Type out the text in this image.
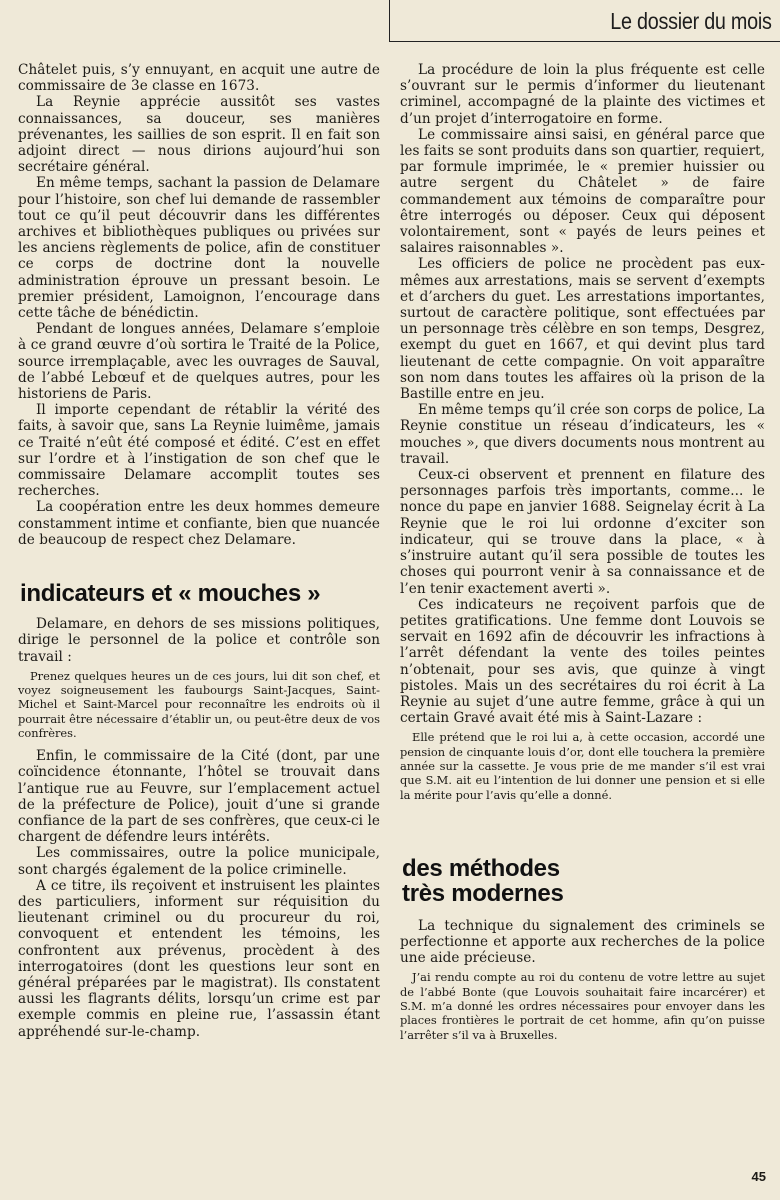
Le dossier du mois

Châtelet puis, s’y ennuyant, en acquit une autre de commissaire de 3e classe en 1673.

La Reynie apprécie aussitôt ses vastes connaissances, sa douceur, ses manières prévenantes, les saillies de son esprit. Il en fait son adjoint direct — nous dirions aujourd’hui son secrétaire général.

En même temps, sachant la passion de Delamare pour l’histoire, son chef lui demande de rassembler tout ce qu’il peut découvrir dans les différentes archives et bibliothèques publiques ou privées sur les anciens règlements de police, afin de constituer ce corps de doctrine dont la nouvelle administration éprouve un pressant besoin. Le premier président, Lamoignon, l’encourage dans cette tâche de bénédictin.

Pendant de longues années, Delamare s’emploie à ce grand œuvre d’où sortira le Traité de la Police, source irremplaçable, avec les ouvrages de Sauval, de l’abbé Lebœuf et de quelques autres, pour les historiens de Paris.

Il importe cependant de rétablir la vérité des faits, à savoir que, sans La Reynie luimême, jamais ce Traité n’eût été composé et édité. C’est en effet sur l’ordre et à l’instigation de son chef que le commissaire Delamare accomplit toutes ses recherches.

La coopération entre les deux hommes demeure constamment intime et confiante, bien que nuancée de beaucoup de respect chez Delamare.

indicateurs et « mouches »

Delamare, en dehors de ses missions politiques, dirige le personnel de la police et contrôle son travail :

Prenez quelques heures un de ces jours, lui dit son chef, et voyez soigneusement les faubourgs Saint-Jacques, Saint-Michel et Saint-Marcel pour reconnaître les endroits où il pourrait être nécessaire d’établir un, ou peut-être deux de vos confrères.

Enfin, le commissaire de la Cité (dont, par une coïncidence étonnante, l’hôtel se trouvait dans l’antique rue au Feuvre, sur l’emplacement actuel de la préfecture de Police), jouit d’une si grande confiance de la part de ses confrères, que ceux-ci le chargent de défendre leurs intérêts.

Les commissaires, outre la police municipale, sont chargés également de la police criminelle.

A ce titre, ils reçoivent et instruisent les plaintes des particuliers, informent sur réquisition du lieutenant criminel ou du procureur du roi, convoquent et entendent les témoins, les confrontent aux prévenus, procèdent à des interrogatoires (dont les questions leur sont en général préparées par le magistrat). Ils constatent aussi les flagrants délits, lorsqu’un crime est par exemple commis en pleine rue, l’assassin étant appréhendé sur-le-champ.

La procédure de loin la plus fréquente est celle s’ouvrant sur le permis d’informer du lieutenant criminel, accompagné de la plainte des victimes et d’un projet d’interrogatoire en forme.

Le commissaire ainsi saisi, en général parce que les faits se sont produits dans son quartier, requiert, par formule imprimée, le « premier huissier ou autre sergent du Châtelet » de faire commandement aux témoins de comparaître pour être interrogés ou déposer. Ceux qui déposent volontairement, sont « payés de leurs peines et salaires raisonnables ».

Les officiers de police ne procèdent pas eux-mêmes aux arrestations, mais se servent d’exempts et d’archers du guet. Les arrestations importantes, surtout de caractère politique, sont effectuées par un personnage très célèbre en son temps, Desgrez, exempt du guet en 1667, et qui devint plus tard lieutenant de cette compagnie. On voit apparaître son nom dans toutes les affaires où la prison de la Bastille entre en jeu.

En même temps qu’il crée son corps de police, La Reynie constitue un réseau d’indicateurs, les « mouches », que divers documents nous montrent au travail.

Ceux-ci observent et prennent en filature des personnages parfois très importants, comme... le nonce du pape en janvier 1688. Seignelay écrit à La Reynie que le roi lui ordonne d’exciter son indicateur, qui se trouve dans la place, « à s’instruire autant qu’il sera possible de toutes les choses qui pourront venir à sa connaissance et de l’en tenir exactement averti ».

Ces indicateurs ne reçoivent parfois que de petites gratifications. Une femme dont Louvois se servait en 1692 afin de découvrir les infractions à l’arrêt défendant la vente des toiles peintes n’obtenait, pour ses avis, que quinze à vingt pistoles. Mais un des secrétaires du roi écrit à La Reynie au sujet d’une autre femme, grâce à qui un certain Gravé avait été mis à Saint-Lazare :

Elle prétend que le roi lui a, à cette occasion, accordé une pension de cinquante louis d’or, dont elle touchera la première année sur la cassette. Je vous prie de me mander s’il est vrai que S.M. ait eu l’intention de lui donner une pension et si elle la mérite pour l’avis qu’elle a donné.
des méthodes
très modernes

La technique du signalement des criminels se perfectionne et apporte aux recherches de la police une aide précieuse.

J’ai rendu compte au roi du contenu de votre lettre au sujet de l’abbé Bonte (que Louvois souhaitait faire incarcérer) et S.M. m’a donné les ordres nécessaires pour envoyer dans les places frontières le portrait de cet homme, afin qu’on puisse l’arrêter s’il va à Bruxelles.
45
